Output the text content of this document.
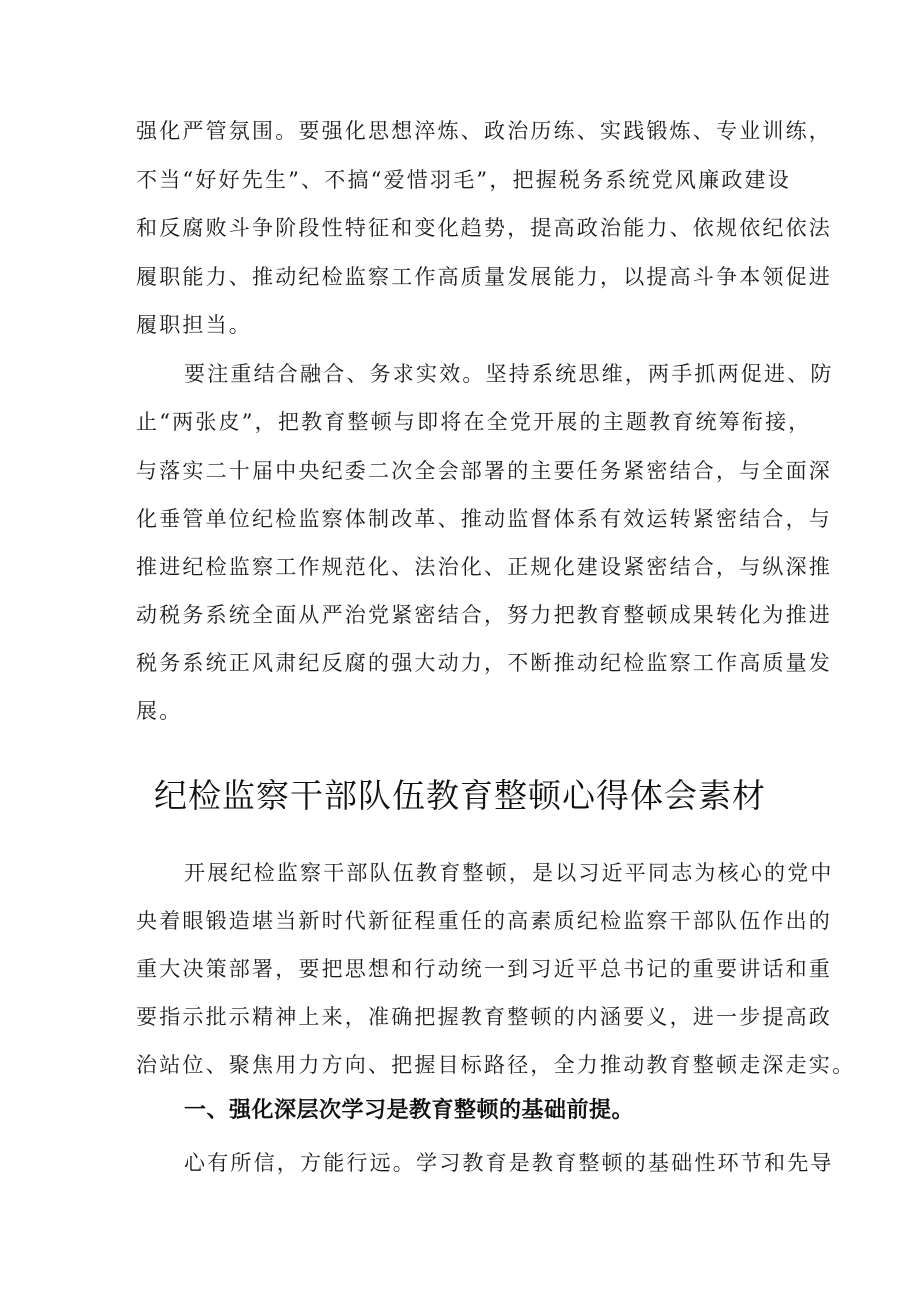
强化严管氛围。要强化思想淬炼、政治历练、实践锻炼、专业训练，
不当“好好先生”、不搞“爱惜羽毛”，把握税务系统党风廉政建设
和反腐败斗争阶段性特征和变化趋势，提高政治能力、依规依纪依法
履职能力、推动纪检监察工作高质量发展能力，以提高斗争本领促进
履职担当。
要注重结合融合、务求实效。坚持系统思维，两手抓两促进、防
止“两张皮”，把教育整顿与即将在全党开展的主题教育统筹衔接，
与落实二十届中央纪委二次全会部署的主要任务紧密结合，与全面深
化垂管单位纪检监察体制改革、推动监督体系有效运转紧密结合，与
推进纪检监察工作规范化、法治化、正规化建设紧密结合，与纵深推
动税务系统全面从严治党紧密结合，努力把教育整顿成果转化为推进
税务系统正风肃纪反腐的强大动力，不断推动纪检监察工作高质量发
展。
纪检监察干部队伍教育整顿心得体会素材
开展纪检监察干部队伍教育整顿，是以习近平同志为核心的党中
央着眼锻造堪当新时代新征程重任的高素质纪检监察干部队伍作出的
重大决策部署，要把思想和行动统一到习近平总书记的重要讲话和重
要指示批示精神上来，准确把握教育整顿的内涵要义，进一步提高政
治站位、聚焦用力方向、把握目标路径，全力推动教育整顿走深走实。
一、强化深层次学习是教育整顿的基础前提。
心有所信，方能行远。学习教育是教育整顿的基础性环节和先导
